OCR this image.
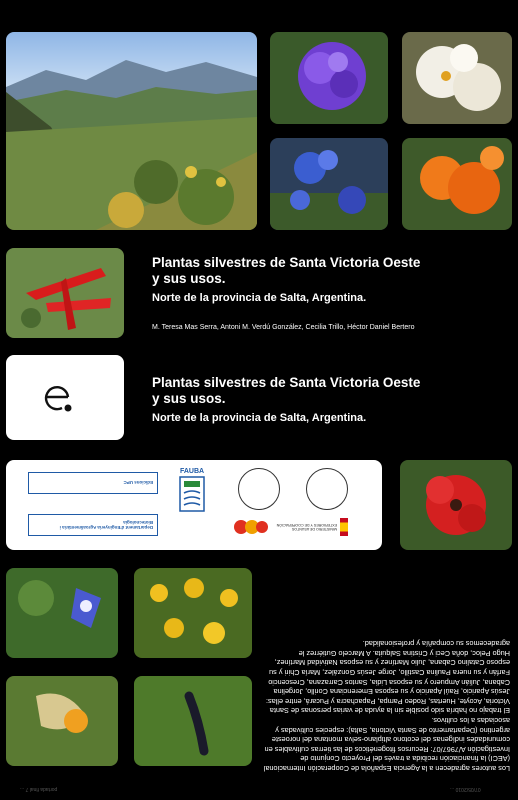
Plantas silvestres de Santa Victoria Oeste
y sus usos.
Norte de la provincia de Salta, Argentina.
M. Teresa Mas Serra, Antoni M. Verdú González, Cecilia Trillo, Héctor Daniel Bertero
Plantas silvestres de Santa Victoria Oeste
y sus usos.
Norte de la provincia de Salta, Argentina.
Edicions UPC
Departament d'Enginyeria Agroalimentària i Biotecnologia
FAUBA
MINISTERIO DE ASUNTOS EXTERIORES Y DE COOPERACIÓN
Los autores agradecen a la Agencia Española de Cooperación Internacional (AECI) la financiación recibida a través del Proyecto Conjunto de Investigación A/7967/07: Recursos fitogenéticos de las tierras cultivables en comunidades indígenas del ecotono altiplano-selva montana del noroeste argentino (Departamento de Santa Victoria, Salta): especies cultivadas y asociadas a los cultivos.
El trabajo no habría sido posible sin la ayuda de varias personas de Santa Victoria, Acoyte, Huertas, Rodeo Pampa, Papachacra y Pucará, entre ellas: Jesús Aparicio, Raúl Aparicio y su esposa Emerenciana Corillo, Jorgelina Cabana, Julián Ampuero y su esposa Lidia, Santos Carrazana, Crescencio Farfán y su nuera Paulina Castillo, Jorge Jesús González, María Chiri y su esposo Catalino Cabana, Julio Martínez y su esposa Natividad Martínez, Hugo Peloc, doña Ceci y Cristina Salquita. A Marcelo Gutiérrez le agradecemos su compañía y profesionalidad.
portada final 7 ...	07/05/2010 ...
